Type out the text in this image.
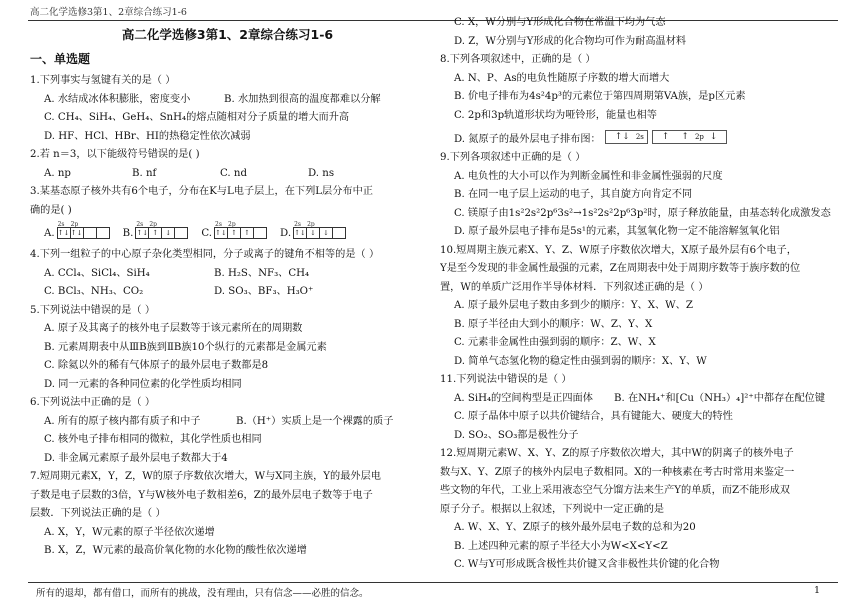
高二化学选修3第1、2章综合练习1-6
高二化学选修3第1、2章综合练习1-6
一、单选题
1.下列事实与氢键有关的是（ ）
A. 水结成冰体积膨胀，密度变小	B. 水加热到很高的温度都难以分解
C. CH₄、SiH₄、GeH₄、SnH₄的熔点随相对分子质量的增大而升高
D. HF、HCl、HBr、HI的热稳定性依次减弱
2.若 n＝3，以下能级符号错误的是( )
A. np	B. nf	C. nd	D. ns
3.某基态原子核外共有6个电子，分布在K与L电子层上，在下列L层分布中正
确的是( )
A.
2s
↑↓
2p
↑↓	B.
2s
↑↓
2p
↑	↓	C.
2s
↑↓
2p
↑	↑	D.
2s
↑↓
2p
↓	↓
4.下列一组粒子的中心原子杂化类型相同，分子或离子的键角不相等的是（ ）
A. CCl₄、SiCl₄、SiH₄	B. H₂S、NF₃、CH₄
C. BCl₃、NH₃、CO₂	D. SO₃、BF₃、H₃O⁺
5.下列说法中错误的是（ ）
A. 原子及其离子的核外电子层数等于该元素所在的周期数
B. 元素周期表中从ⅢB族到ⅡB族10个纵行的元素都是金属元素
C. 除氦以外的稀有气体原子的最外层电子数都是8
D. 同一元素的各种同位素的化学性质均相同
6.下列说法中正确的是（ ）
A. 所有的原子核内都有质子和中子	B.（H⁺）实质上是一个裸露的质子
C. 核外电子排布相同的微粒，其化学性质也相同
D. 非金属元素原子最外层电子数都大于4
7.短周期元素X，Y，Z，W的原子序数依次增大，W与X同主族，Y的最外层电
子数是电子层数的3倍，Y与W核外电子数相差6，Z的最外层电子数等于电子
层数．下列说法正确的是（ ）
A. X，Y，W元素的原子半径依次递增
B. X，Z，W元素的最高价氧化物的水化物的酸性依次递增
C. X，W分别与Y形成化合物在常温下均为气态
D. Z，W分别与Y形成的化合物均可作为耐高温材料
8.下列各项叙述中，正确的是（ ）
A. N、P、As的电负性随原子序数的增大而增大
B. 价电子排布为4s²4p³的元素位于第四周期第VA族，是p区元素
C. 2p和3p轨道形状均为哑铃形，能量也相等
D. 氮原子的最外层电子排布图：	↑↓ 2s	↑	↑ 2p ↓
9.下列各项叙述中正确的是（ ）
A. 电负性的大小可以作为判断金属性和非金属性强弱的尺度
B. 在同一电子层上运动的电子，其自旋方向肯定不同
C. 镁原子由1s²2s²2p⁶3s²→1s²2s²2p⁶3p²时，原子释放能量，由基态转化成激发态
D. 原子最外层电子排布是5s¹的元素，其氢氧化物一定不能溶解氢氧化铝
10.短周期主族元素X、Y、Z、W原子序数依次增大，X原子最外层有6个电子，
Y是至今发现的非金属性最强的元素，Z在周期表中处于周期序数等于族序数的位
置，W的单质广泛用作半导体材料．下列叙述正确的是（ ）
A. 原子最外层电子数由多到少的顺序：Y、X、W、Z
B. 原子半径由大到小的顺序：W、Z、Y、X
C. 元素非金属性由强到弱的顺序：Z、W、X
D. 简单气态氢化物的稳定性由强到弱的顺序：X、Y、W
11.下列说法中错误的是（ ）
A. SiH₄的空间构型是正四面体 B. 在NH₄⁺和[Cu（NH₃）₄]²⁺中都存在配位键
C. 原子晶体中原子以共价键结合，具有键能大、硬度大的特性
D. SO₂、SO₃都是极性分子
12.短周期元素W、X、Y、Z的原子序数依次增大，其中W的阴离子的核外电子
数与X、Y、Z原子的核外内层电子数相同。X的一种核素在考古时常用来鉴定一
些文物的年代，工业上采用液态空气分馏方法来生产Y的单质，而Z不能形成双
原子分子。根据以上叙述，下列说中一定正确的是
A. W、X、Y、Z原子的核外最外层电子数的总和为20
B. 上述四种元素的原子半径大小为W<X<Y<Z
C. W与Y可形成既含极性共价键又含非极性共价键的化合物
所有的退却，都有借口，而所有的挑战，没有理由，只有信念——必胜的信念。	1
